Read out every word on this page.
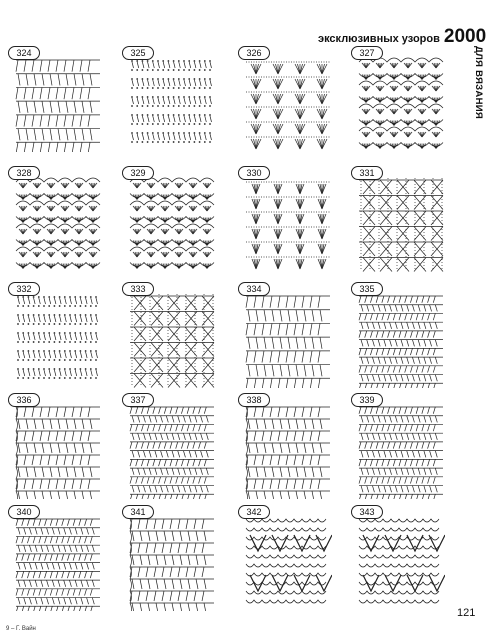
эксклюзивных узоров 2000
ДЛЯ ВЯЗАНИЯ
324	325	326	327
328	329	330	331
332	333	334	335
336	337	338	339
340	341	342	343
9 – Г. Вайн
121
